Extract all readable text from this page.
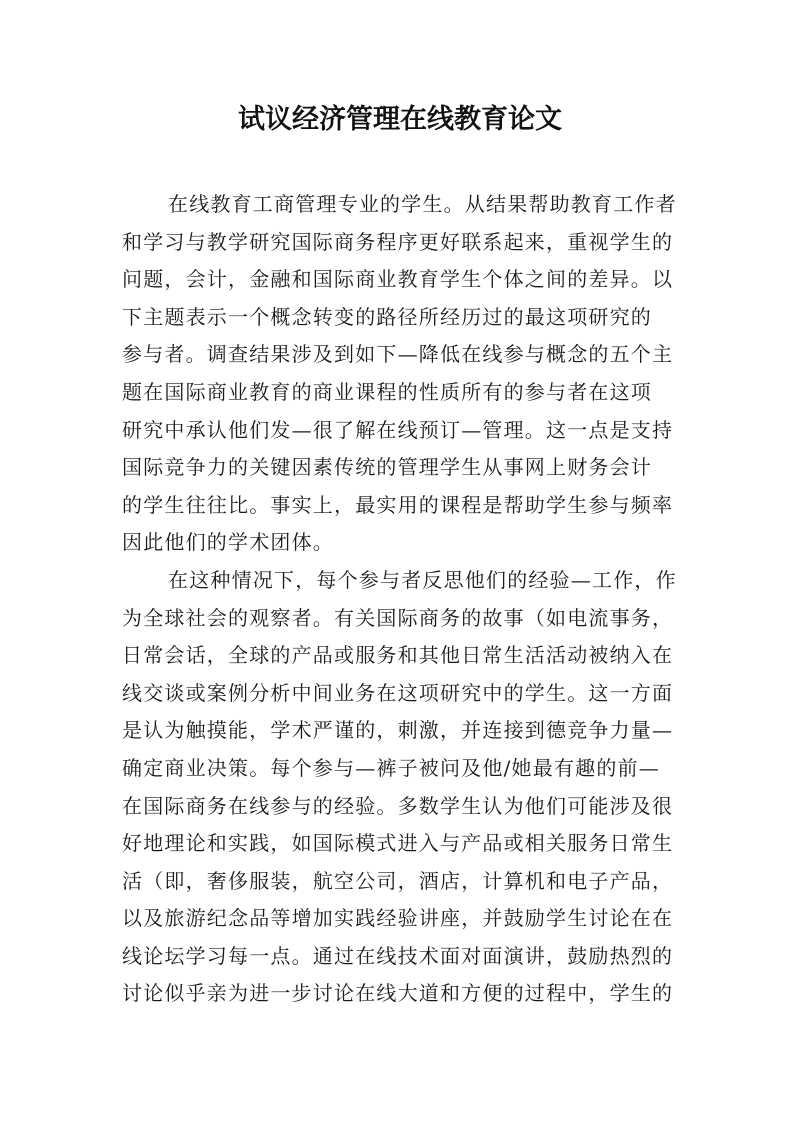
试议经济管理在线教育论文
在线教育工商管理专业的学生。从结果帮助教育工作者
和学习与教学研究国际商务程序更好联系起来，重视学生的
问题，会计，金融和国际商业教育学生个体之间的差异。以
下主题表示一个概念转变的路径所经历过的最这项研究的
参与者。调查结果涉及到如下—降低在线参与概念的五个主
题在国际商业教育的商业课程的性质所有的参与者在这项
研究中承认他们发—很了解在线预订—管理。这一点是支持
国际竞争力的关键因素传统的管理学生从事网上财务会计
的学生往往比。事实上，最实用的课程是帮助学生参与频率
因此他们的学术团体。
在这种情况下，每个参与者反思他们的经验—工作，作
为全球社会的观察者。有关国际商务的故事（如电流事务，
日常会话，全球的产品或服务和其他日常生活活动被纳入在
线交谈或案例分析中间业务在这项研究中的学生。这一方面
是认为触摸能，学术严谨的，刺激，并连接到德竞争力量—
确定商业决策。每个参与—裤子被问及他/她最有趣的前—
在国际商务在线参与的经验。多数学生认为他们可能涉及很
好地理论和实践，如国际模式进入与产品或相关服务日常生
活（即，奢侈服装，航空公司，酒店，计算机和电子产品，
以及旅游纪念品等增加实践经验讲座，并鼓励学生讨论在在
线论坛学习每一点。通过在线技术面对面演讲，鼓励热烈的
讨论似乎亲为进一步讨论在线大道和方便的过程中，学生的
